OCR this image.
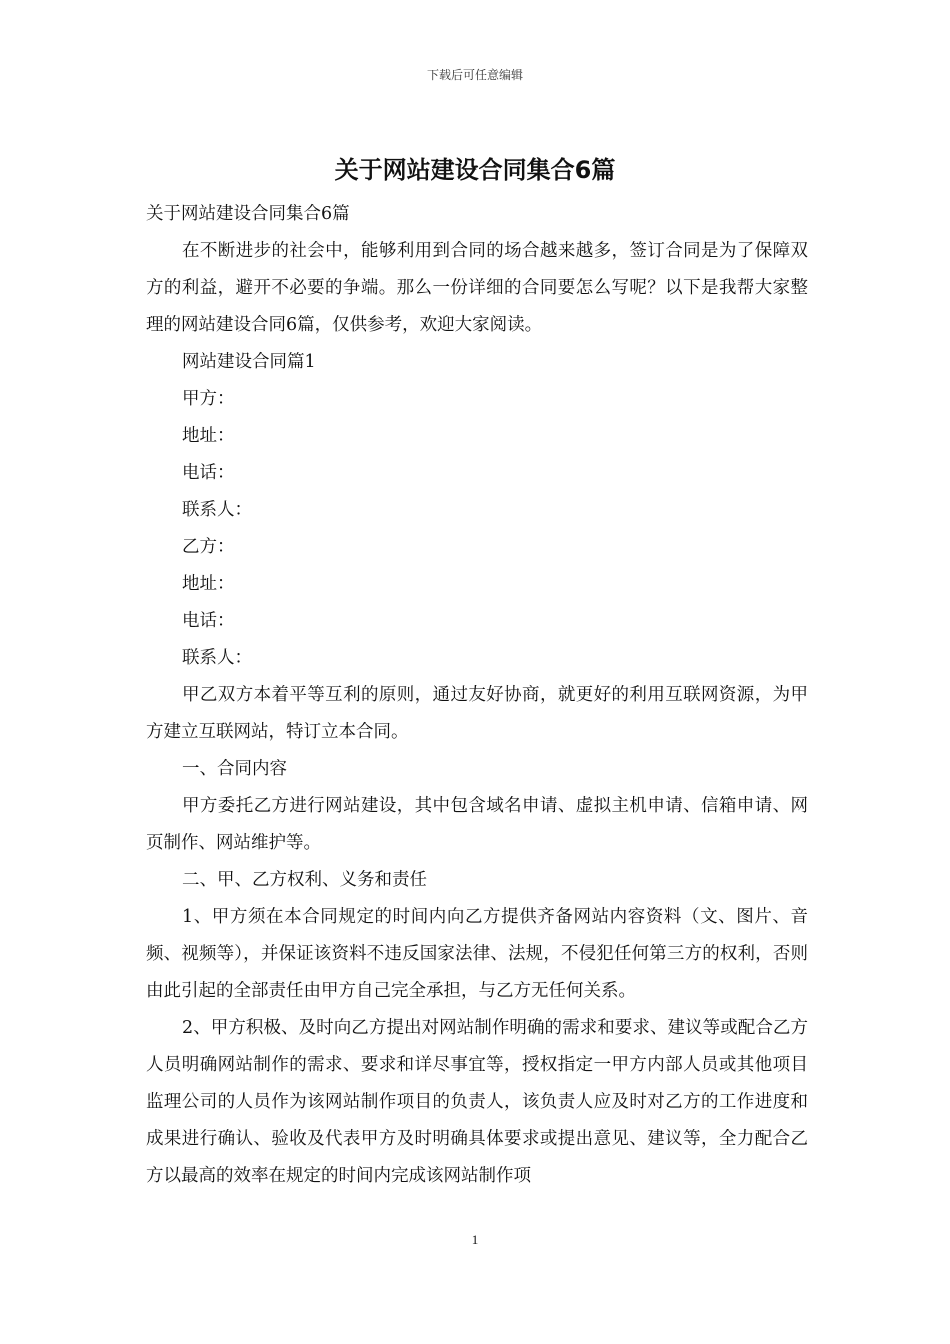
下载后可任意编辑
关于网站建设合同集合6篇

关于网站建设合同集合6篇

在不断进步的社会中，能够利用到合同的场合越来越多，签订合同是为了保障双方的利益，避开不必要的争端。那么一份详细的合同要怎么写呢？以下是我帮大家整理的网站建设合同6篇，仅供参考，欢迎大家阅读。

网站建设合同篇1

甲方：

地址：

电话：

联系人：

乙方：

地址：

电话：

联系人：

甲乙双方本着平等互利的原则，通过友好协商，就更好的利用互联网资源，为甲方建立互联网站，特订立本合同。

一、合同内容

甲方委托乙方进行网站建设，其中包含域名申请、虚拟主机申请、信箱申请、网页制作、网站维护等。

二、甲、乙方权利、义务和责任

1、甲方须在本合同规定的时间内向乙方提供齐备网站内容资料（文、图片、音频、视频等），并保证该资料不违反国家法律、法规，不侵犯任何第三方的权利，否则由此引起的全部责任由甲方自己完全承担，与乙方无任何关系。

2、甲方积极、及时向乙方提出对网站制作明确的需求和要求、建议等或配合乙方人员明确网站制作的需求、要求和详尽事宜等，授权指定一甲方内部人员或其他项目监理公司的人员作为该网站制作项目的负责人，该负责人应及时对乙方的工作进度和成果进行确认、验收及代表甲方及时明确具体要求或提出意见、建议等，全力配合乙方以最高的效率在规定的时间内完成该网站制作项

1
